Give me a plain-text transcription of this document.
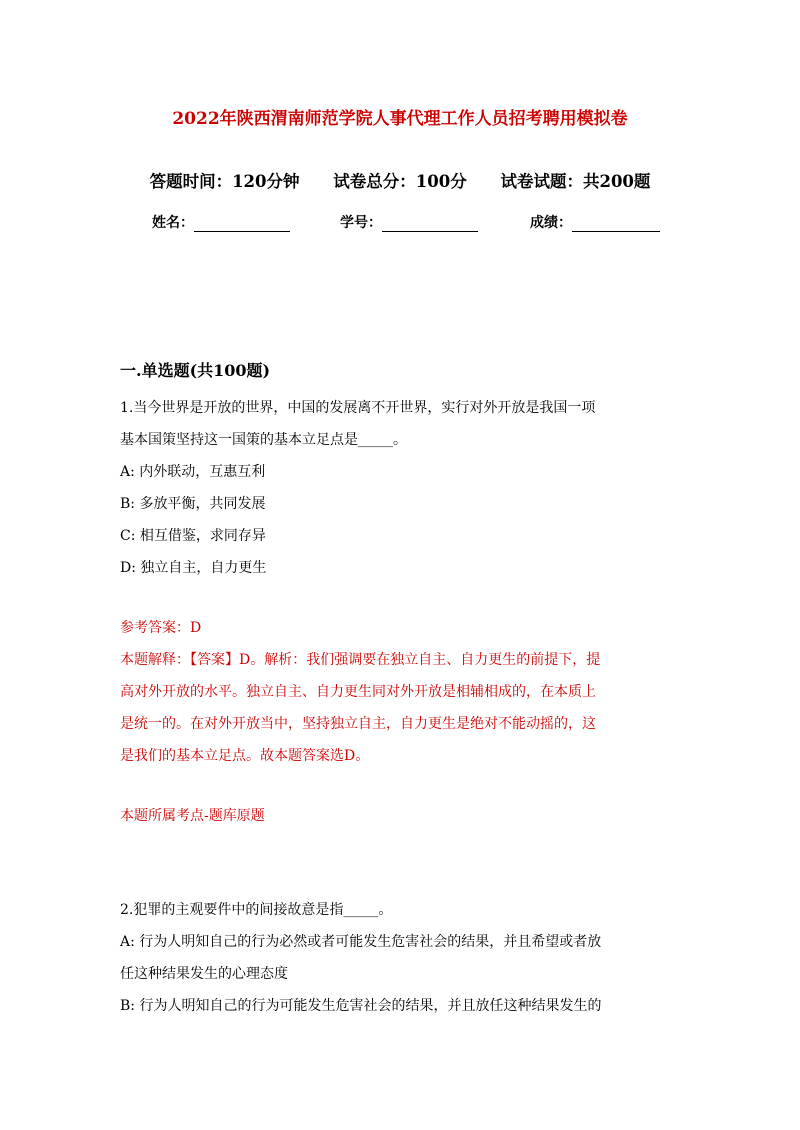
2022年陕西渭南师范学院人事代理工作人员招考聘用模拟卷
答题时间：120分钟 试卷总分：100分 试卷试题：共200题
姓名：	学号：	成绩：
一.单选题(共100题)

1.当今世界是开放的世界，中国的发展离不开世界，实行对外开放是我国一项

基本国策坚持这一国策的基本立足点是_____。

A: 内外联动，互惠互利

B: 多放平衡，共同发展

C: 相互借鉴，求同存异

D: 独立自主，自力更生

参考答案：D

本题解释：【答案】D。解析：我们强调要在独立自主、自力更生的前提下，提

高对外开放的水平。独立自主、自力更生同对外开放是相辅相成的，在本质上

是统一的。在对外开放当中，坚持独立自主，自力更生是绝对不能动摇的，这

是我们的基本立足点。故本题答案选D。

本题所属考点-题库原题

2.犯罪的主观要件中的间接故意是指_____。

A: 行为人明知自己的行为必然或者可能发生危害社会的结果，并且希望或者放

任这种结果发生的心理态度

B: 行为人明知自己的行为可能发生危害社会的结果，并且放任这种结果发生的
